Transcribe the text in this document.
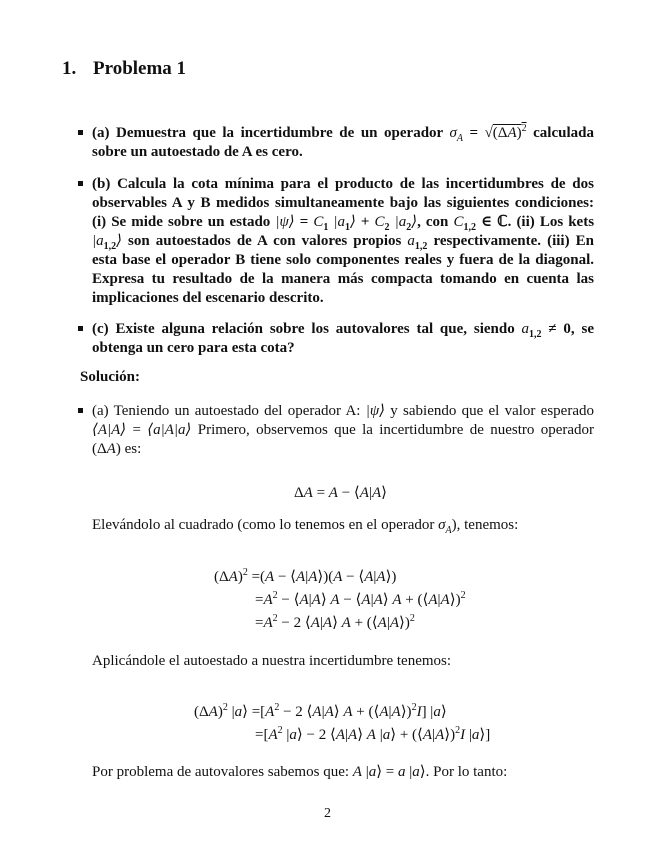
1. Problema 1
(a) Demuestra que la incertidumbre de un operador $\sigma_A = √(\Delta A)^2$ calculada sobre un autoestado de A es cero.
(b) Calcula la cota mínima para el producto de las incertidumbres de dos observables A y B medidos simultaneamente bajo las siguientes condiciones: (i) Se mide sobre un estado |ψ⟩ = $C_1$ $|a_1⟩ + C_2$ $|a_2⟩$, con $C_{1,2}$ ∈ ℂ. (ii) Los kets $|a_{1,2}⟩$ son autoestados de A con valores propios $a_{1,2}$ respectivamente. (iii) En esta base el operador B tiene solo componentes reales y fuera de la diagonal. Expresa tu resultado de la manera más compacta tomando en cuenta las implicaciones del escenario descrito.
(c) Existe alguna relación sobre los autovalores tal que, siendo $a_{1,2} \ne 0$, se obtenga un cero para esta cota?
Solución:
(a) Teniendo un autoestado del operador A: |ψ⟩ y sabiendo que el valor esperado ⟨A|A⟩ = ⟨a|A|a⟩ Primero, observemos que la incertidumbre de nuestro operador (ΔA) es:
ΔA = A − ⟨A|A⟩
Elevándolo al cuadrado (como lo tenemos en el operador $\sigma_A$), tenemos:
$(\Delta A)^2 =(A$ − ⟨A|A⟩)(A − ⟨A|A⟩)
$=A^2$ − ⟨A|A⟩ A − ⟨A|A⟩ A + (⟨A|A⟩)$^2$
$=A^2 - 2$ ⟨A|A⟩ A + (⟨A|A⟩)$^2$
Aplicándole el autoestado a nuestra incertidumbre tenemos:
$(\Delta A)^2$ |a⟩ $=[A^2 - 2$ ⟨A|A⟩ A + (⟨A|A⟩)$^2$I] |a⟩
$=[A^2$ |a⟩ − 2 ⟨A|A⟩ A |a⟩ + (⟨A|A⟩)$^2$I |a⟩]
Por problema de autovalores sabemos que: A |a⟩ = a |a⟩. Por lo tanto:
2
